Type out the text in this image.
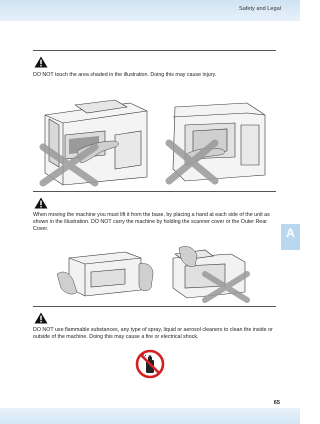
Safety and Legal
A
DO NOT touch the area shaded in the illustration. Doing this may cause injury.
When moving the machine you must lift it from the base, by placing a hand at each side of the unit as shown in the illustration. DO NOT carry the machine by holding the scanner cover or the Outer Rear Cover.
DO NOT use flammable substances, any type of spray, liquid or aerosol cleaners to clean the inside or outside of the machine. Doing this may cause a fire or electrical shock.
65
